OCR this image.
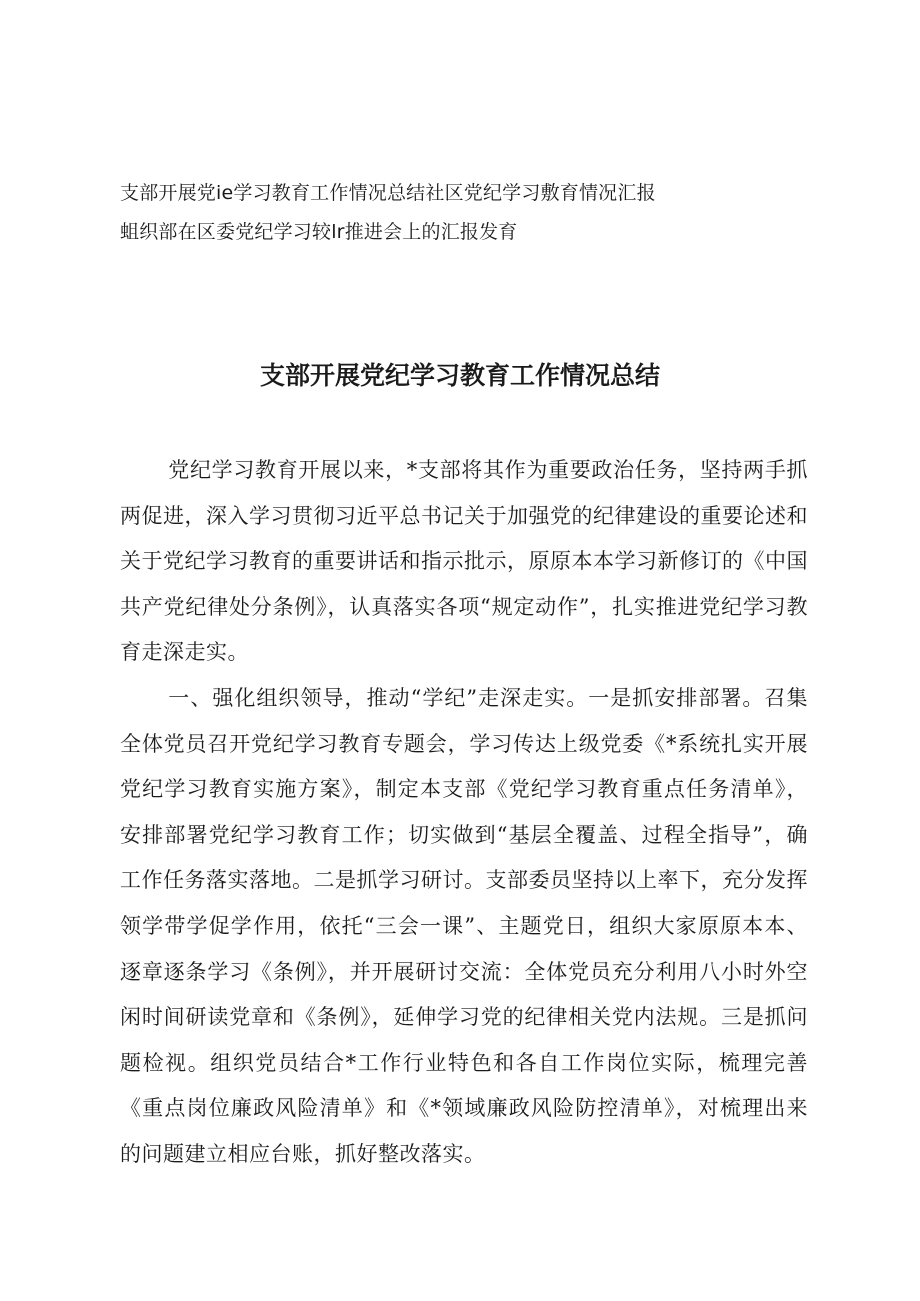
支部开展党ie学习教育工作情况总结社区党纪学习敷育情况汇报

蛆织部在区委党纪学习较lr推进会上的汇报发育

支部开展党纪学习教育工作情况总结

党纪学习教育开展以来，*支部将其作为重要政治任务，坚持两手抓两促进，深入学习贯彻习近平总书记关于加强党的纪律建设的重要论述和关于党纪学习教育的重要讲话和指示批示，原原本本学习新修订的《中国共产党纪律处分条例》，认真落实各项“规定动作”，扎实推进党纪学习教育走深走实。

一、强化组织领导，推动“学纪”走深走实。一是抓安排部署。召集全体党员召开党纪学习教育专题会，学习传达上级党委《*系统扎实开展党纪学习教育实施方案》，制定本支部《党纪学习教育重点任务清单》，安排部署党纪学习教育工作；切实做到“基层全覆盖、过程全指导”，确工作任务落实落地。二是抓学习研讨。支部委员坚持以上率下，充分发挥领学带学促学作用，依托“三会一课”、主题党日，组织大家原原本本、逐章逐条学习《条例》，并开展研讨交流：全体党员充分利用八小时外空闲时间研读党章和《条例》，延伸学习党的纪律相关党内法规。三是抓问题检视。组织党员结合*工作行业特色和各自工作岗位实际，梳理完善《重点岗位廉政风险清单》和《*领域廉政风险防控清单》，对梳理出来的问题建立相应台账，抓好整改落实。
